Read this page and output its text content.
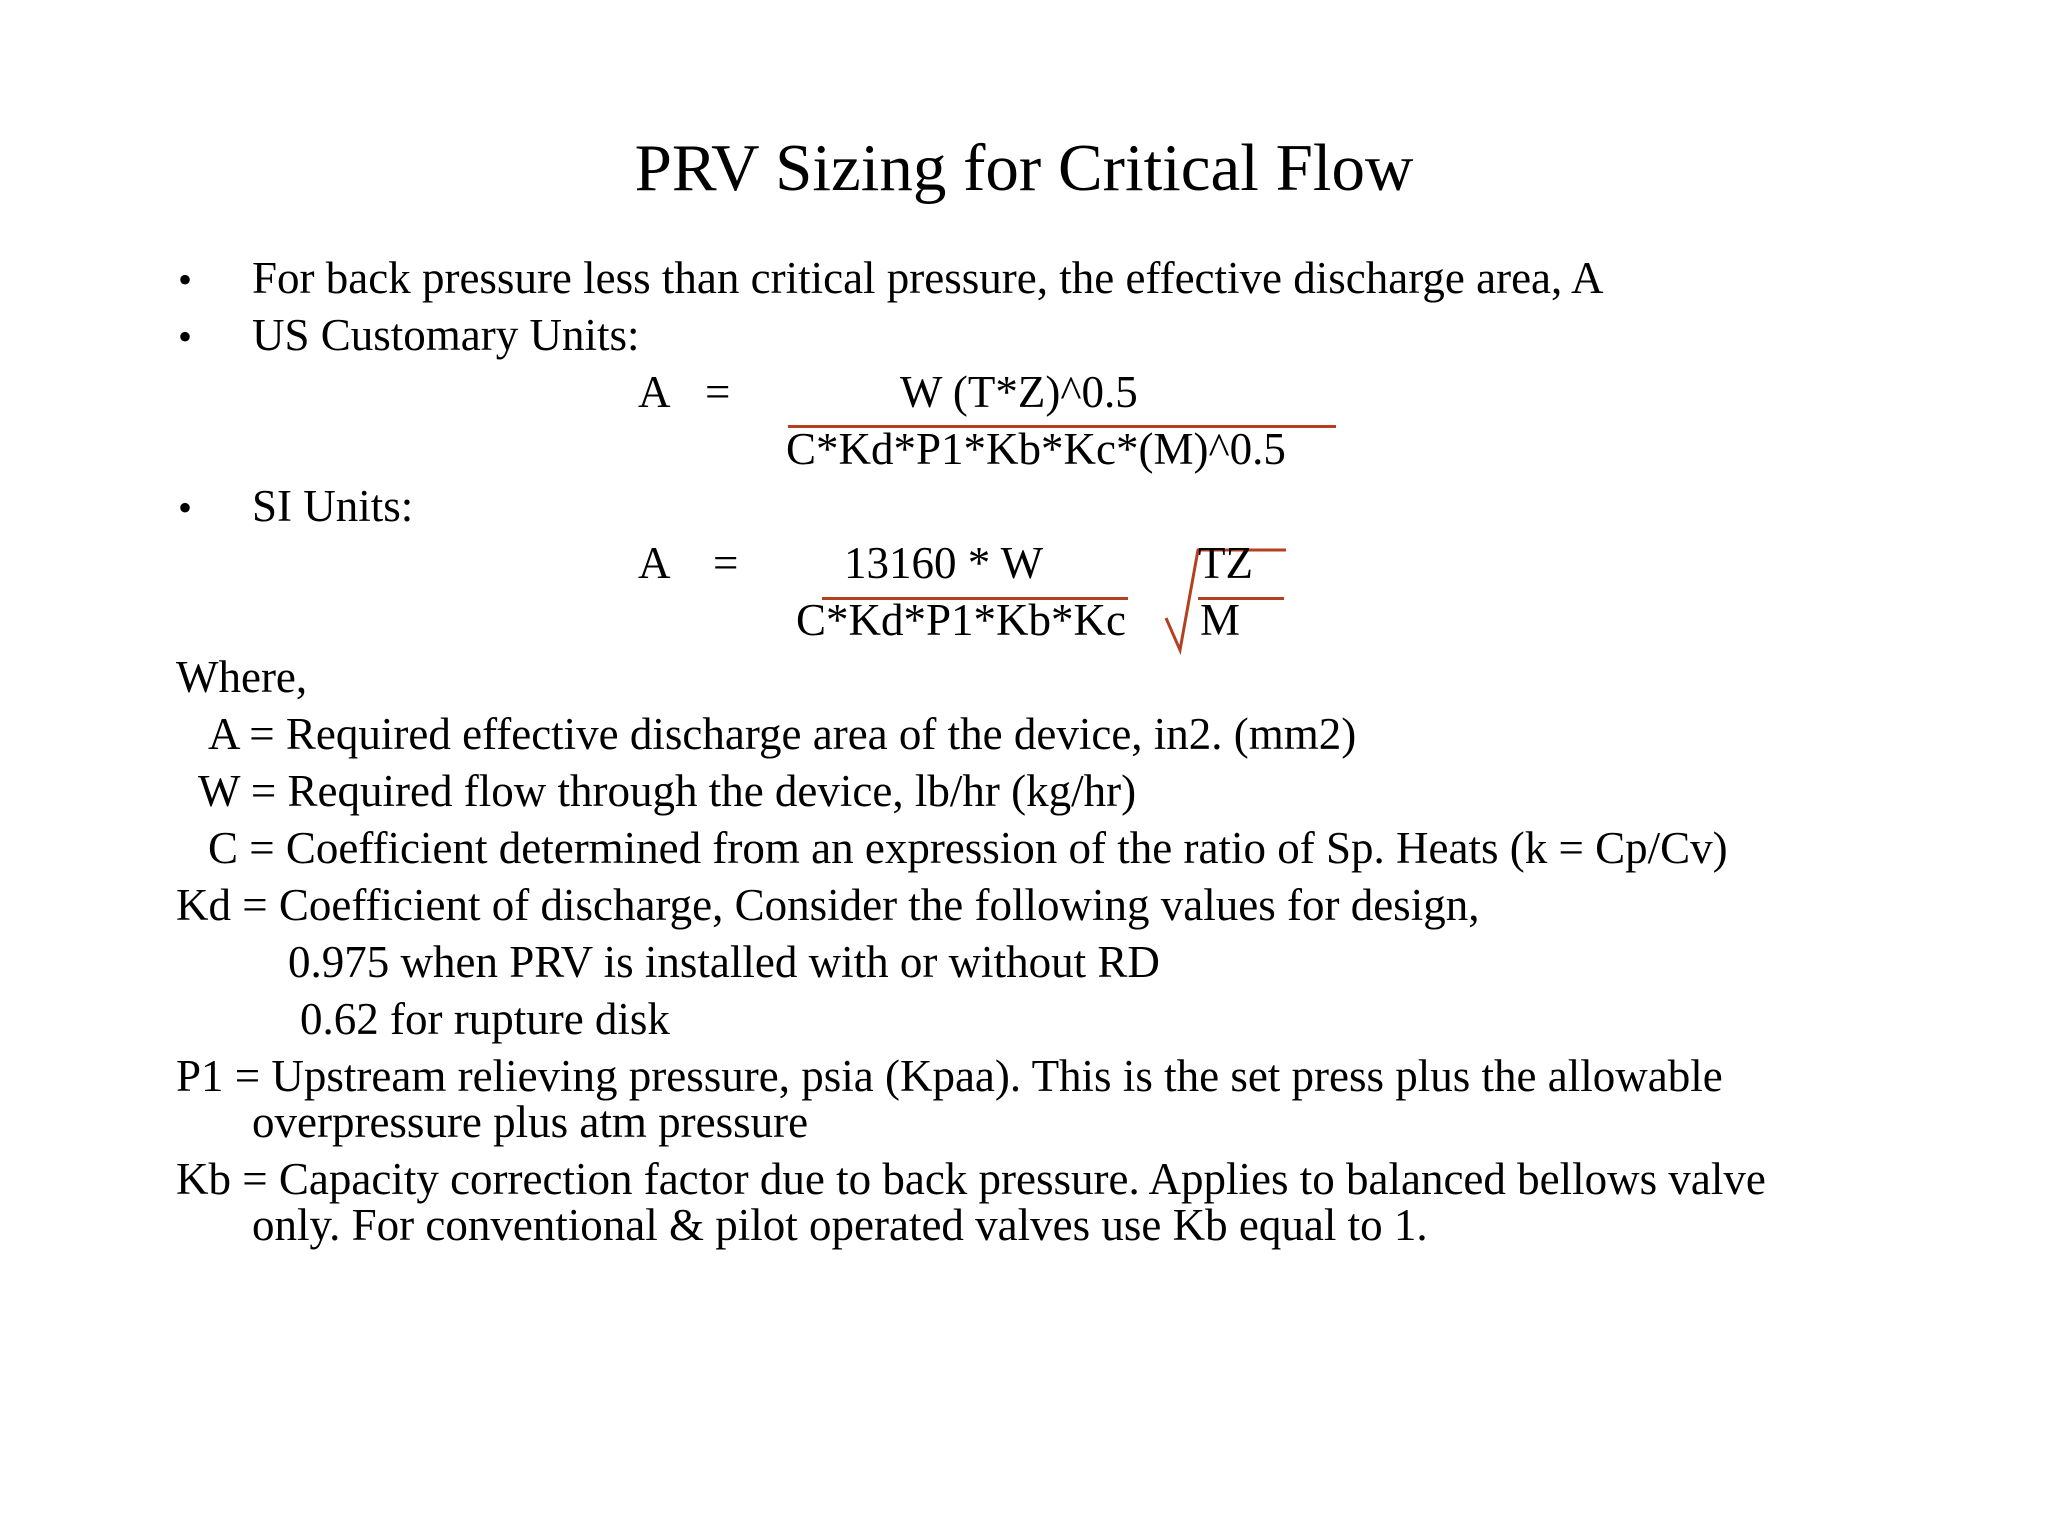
PRV Sizing for Critical Flow
• For back pressure less than critical pressure, the effective discharge area, A
• US Customary Units:
A =	W (T*Z)^0.5
C*Kd*P1*Kb*Kc*(M)^0.5
• SI Units:
A = 13160 * W
C*Kd*P1*Kb*Kc
TZ
M
Where,
A = Required effective discharge area of the device, in2. (mm2)
W = Required flow through the device, lb/hr (kg/hr)
C = Coefficient determined from an expression of the ratio of Sp. Heats (k = Cp/Cv)
Kd = Coefficient of discharge, Consider the following values for design,
0.975 when PRV is installed with or without RD
0.62 for rupture disk
P1 = Upstream relieving pressure, psia (Kpaa). This is the set press plus the allowable
overpressure plus atm pressure
Kb = Capacity correction factor due to back pressure. Applies to balanced bellows valve
only. For conventional & pilot operated valves use Kb equal to 1.
